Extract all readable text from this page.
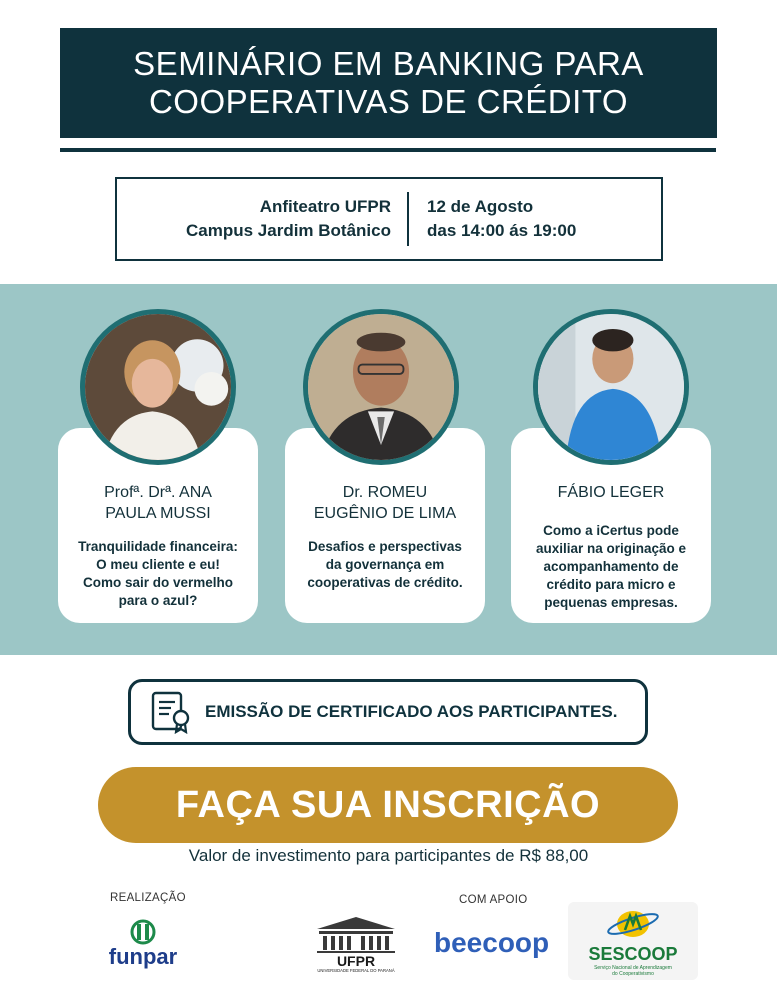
SEMINÁRIO EM BANKING PARA
COOPERATIVAS DE CRÉDITO
Anfiteatro UFPR
Campus Jardim Botânico
12 de Agosto
das 14:00 ás 19:00
Profª. Drª. ANA
PAULA MUSSI
Tranquilidade financeira:
O meu cliente e eu!
Como sair do vermelho
para o azul?
Dr. ROMEU
EUGÊNIO DE LIMA
Desafios e perspectivas
da governança em
cooperativas de crédito.
FÁBIO LEGER
Como a iCertus pode
auxiliar na originação e
acompanhamento de
crédito para micro e
pequenas empresas.
EMISSÃO DE CERTIFICADO AOS PARTICIPANTES.
FAÇA SUA INSCRIÇÃO
Valor de investimento para participantes de R$ 88,00
REALIZAÇÃO	COM APOIO
funpar	UFPR
UNIVERSIDADE FEDERAL DO PARANÁ
beecoop SESCOOP
Serviço Nacional de Aprendizagem
do Cooperativismo
